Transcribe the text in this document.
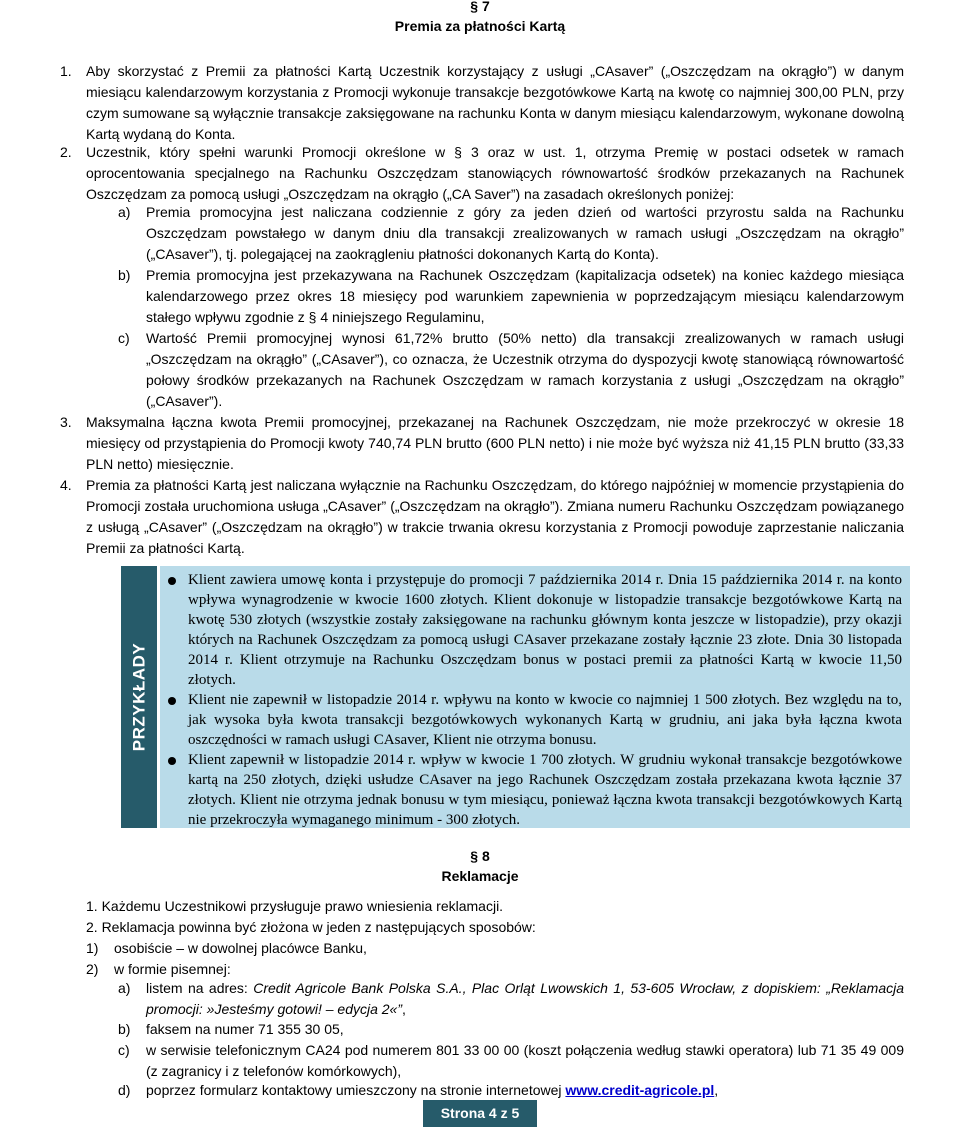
§ 7
Premia za płatności Kartą
1. Aby skorzystać z Premii za płatności Kartą Uczestnik korzystający z usługi „CAsaver” („Oszczędzam na okrągło”) w danym miesiącu kalendarzowym korzystania z Promocji wykonuje transakcje bezgotówkowe Kartą na kwotę co najmniej 300,00 PLN, przy czym sumowane są wyłącznie transakcje zaksięgowane na rachunku Konta w danym miesiącu kalendarzowym, wykonane dowolną Kartą wydaną do Konta.
2. Uczestnik, który spełni warunki Promocji określone w § 3 oraz w ust. 1, otrzyma Premię w postaci odsetek w ramach oprocentowania specjalnego na Rachunku Oszczędzam stanowiących równowartość środków przekazanych na Rachunek Oszczędzam za pomocą usługi „Oszczędzam na okrągło („CA Saver”) na zasadach określonych poniżej:
a) Premia promocyjna jest naliczana codziennie z góry za jeden dzień od wartości przyrostu salda na Rachunku Oszczędzam powstałego w danym dniu dla transakcji zrealizowanych w ramach usługi „Oszczędzam na okrągło” („CAsaver”), tj. polegającej na zaokrągleniu płatności dokonanych Kartą do Konta).
b) Premia promocyjna jest przekazywana na Rachunek Oszczędzam (kapitalizacja odsetek) na koniec każdego miesiąca kalendarzowego przez okres 18 miesięcy pod warunkiem zapewnienia w poprzedzającym miesiącu kalendarzowym stałego wpływu zgodnie z § 4 niniejszego Regulaminu,
c) Wartość Premii promocyjnej wynosi 61,72% brutto (50% netto) dla transakcji zrealizowanych w ramach usługi „Oszczędzam na okrągło” („CAsaver”), co oznacza, że Uczestnik otrzyma do dyspozycji kwotę stanowiącą równowartość połowy środków przekazanych na Rachunek Oszczędzam w ramach korzystania z usługi „Oszczędzam na okrągło” („CAsaver”).
3. Maksymalna łączna kwota Premii promocyjnej, przekazanej na Rachunek Oszczędzam, nie może przekroczyć w okresie 18 miesięcy od przystąpienia do Promocji kwoty 740,74 PLN brutto (600 PLN netto) i nie może być wyższa niż 41,15 PLN brutto (33,33 PLN netto) miesięcznie.
4. Premia za płatności Kartą jest naliczana wyłącznie na Rachunku Oszczędzam, do którego najpóźniej w momencie przystąpienia do Promocji została uruchomiona usługa „CAsaver” („Oszczędzam na okrągło”). Zmiana numeru Rachunku Oszczędzam powiązanego z usługą „CAsaver” („Oszczędzam na okrągło”) w trakcie trwania okresu korzystania z Promocji powoduje zaprzestanie naliczania Premii za płatności Kartą.
PRZYKŁADY
Klient zawiera umowę konta i przystępuje do promocji 7 października 2014 r. Dnia 15 października 2014 r. na konto wpływa wynagrodzenie w kwocie 1600 złotych. Klient dokonuje w listopadzie transakcje bezgotówkowe Kartą na kwotę 530 złotych (wszystkie zostały zaksięgowane na rachunku głównym konta jeszcze w listopadzie), przy okazji których na Rachunek Oszczędzam za pomocą usługi CAsaver przekazane zostały łącznie 23 złote. Dnia 30 listopada 2014 r. Klient otrzymuje na Rachunku Oszczędzam bonus w postaci premii za płatności Kartą w kwocie 11,50 złotych.
Klient nie zapewnił w listopadzie 2014 r. wpływu na konto w kwocie co najmniej 1 500 złotych. Bez względu na to, jak wysoka była kwota transakcji bezgotówkowych wykonanych Kartą w grudniu, ani jaka była łączna kwota oszczędności w ramach usługi CAsaver, Klient nie otrzyma bonusu.
Klient zapewnił w listopadzie 2014 r. wpływ w kwocie 1 700 złotych. W grudniu wykonał transakcje bezgotówkowe kartą na 250 złotych, dzięki usłudze CAsaver na jego Rachunek Oszczędzam została przekazana kwota łącznie 37 złotych. Klient nie otrzyma jednak bonusu w tym miesiącu, ponieważ łączna kwota transakcji bezgotówkowych Kartą nie przekroczyła wymaganego minimum - 300 złotych.
§ 8
Reklamacje
1. Każdemu Uczestnikowi przysługuje prawo wniesienia reklamacji.
2. Reklamacja powinna być złożona w jeden z następujących sposobów:
1) osobiście – w dowolnej placówce Banku,
2) w formie pisemnej:
a) listem na adres: Credit Agricole Bank Polska S.A., Plac Orląt Lwowskich 1, 53-605 Wrocław, z dopiskiem: „Reklamacja promocji: »Jesteśmy gotowi! – edycja 2«”,
b) faksem na numer 71 355 30 05,
c) w serwisie telefonicznym CA24 pod numerem 801 33 00 00 (koszt połączenia według stawki operatora) lub 71 35 49 009 (z zagranicy i z telefonów komórkowych),
d) poprzez formularz kontaktowy umieszczony na stronie internetowej www.credit-agricole.pl,
Strona 4 z 5
